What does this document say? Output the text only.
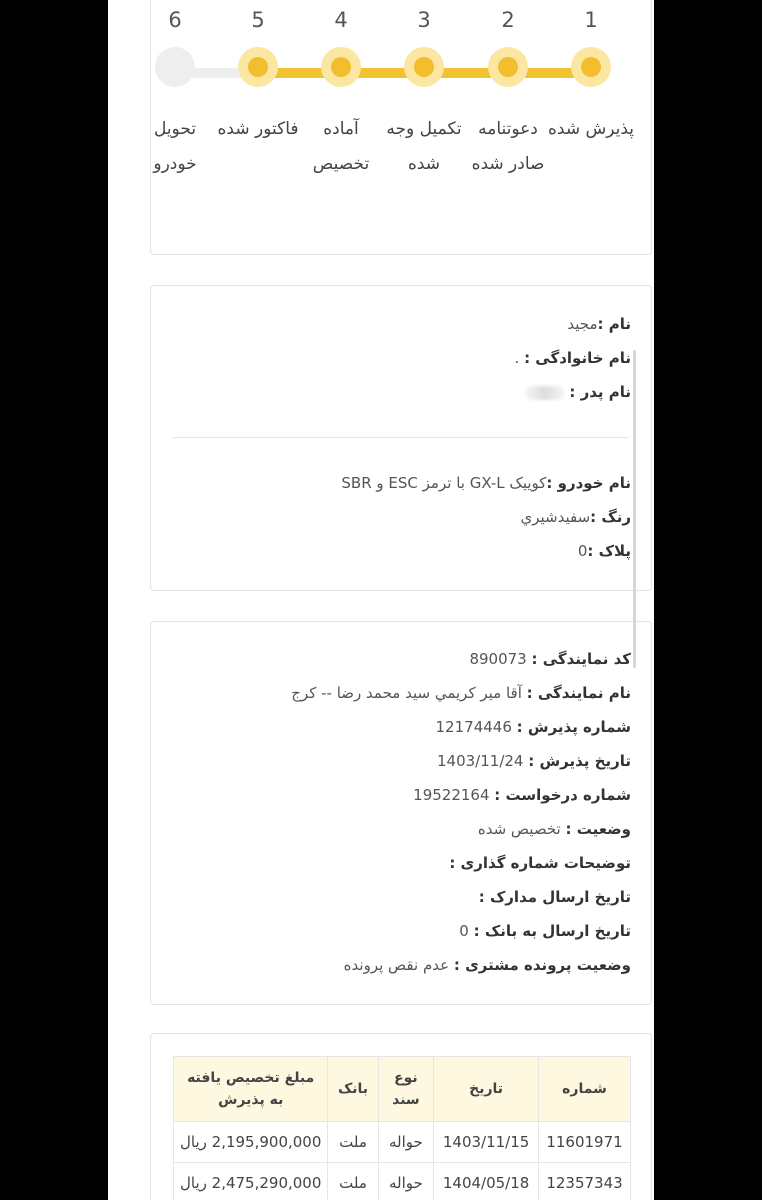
6
تحویل خودرو
5
فاکتور شده
4
آماده تخصیص
3
تکمیل وجه شده
2
دعوتنامه صادر شده
1
پذیرش شده
نام :مجید
نام خانوادگی : .
نام پدر :
نام خودرو :کوییک GX-L با ترمز ESC و SBR
رنگ :سفیدشیري
پلاک :0
کد نمایندگی : 890073
نام نمایندگی : آقا میر کریمي سید محمد رضا -- کرج
شماره پذیرش : 12174446
تاریخ پذیرش : 1403/11/24
شماره درخواست : 19522164
وضعیت : تخصیص شده
توضیحات شماره گذاری :
تاریخ ارسال مدارک :
تاریخ ارسال به بانک : 0
وضعیت پرونده مشتری : عدم نقص پرونده
شماره	تاریخ	نوع سند	بانک	مبلغ تخصیص یافته به پذیرش
11601971	1403/11/15	حواله	ملت	2,195,900,000 ریال
12357343	1404/05/18	حواله	ملت	2,475,290,000 ریال
